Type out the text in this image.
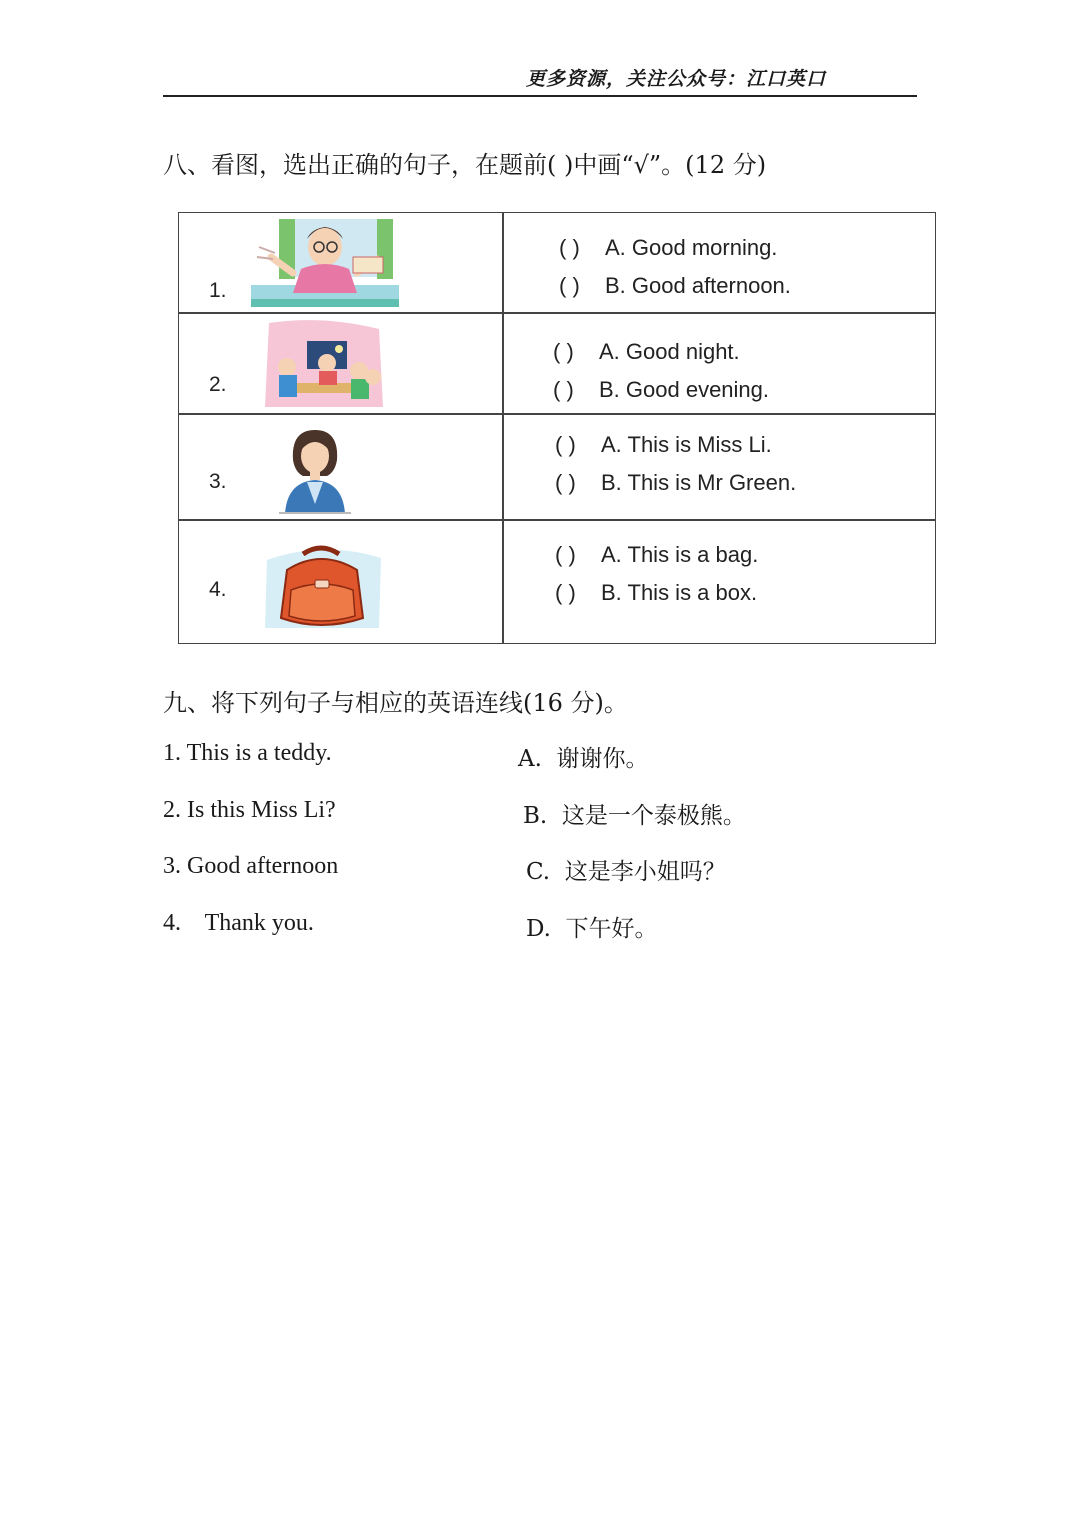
更多资源，关注公众号：江口英口
八、看图，选出正确的句子，在题前( )中画“√”。(12 分)
1.
( ) A. Good morning.
( ) B. Good afternoon.
2.
( ) A. Good night.
( ) B. Good evening.
3.
( ) A. This is Miss Li.
( ) B. This is Mr Green.
4.
( ) A. This is a bag.
( ) B. This is a box.
九、将下列句子与相应的英语连线(16 分)。
1. This is a teddy.
2. Is this Miss Li?
3. Good afternoon
4.    Thank you.
A.  谢谢你。
B.  这是一个泰极熊。
C.  这是李小姐吗？
D.  下午好。
